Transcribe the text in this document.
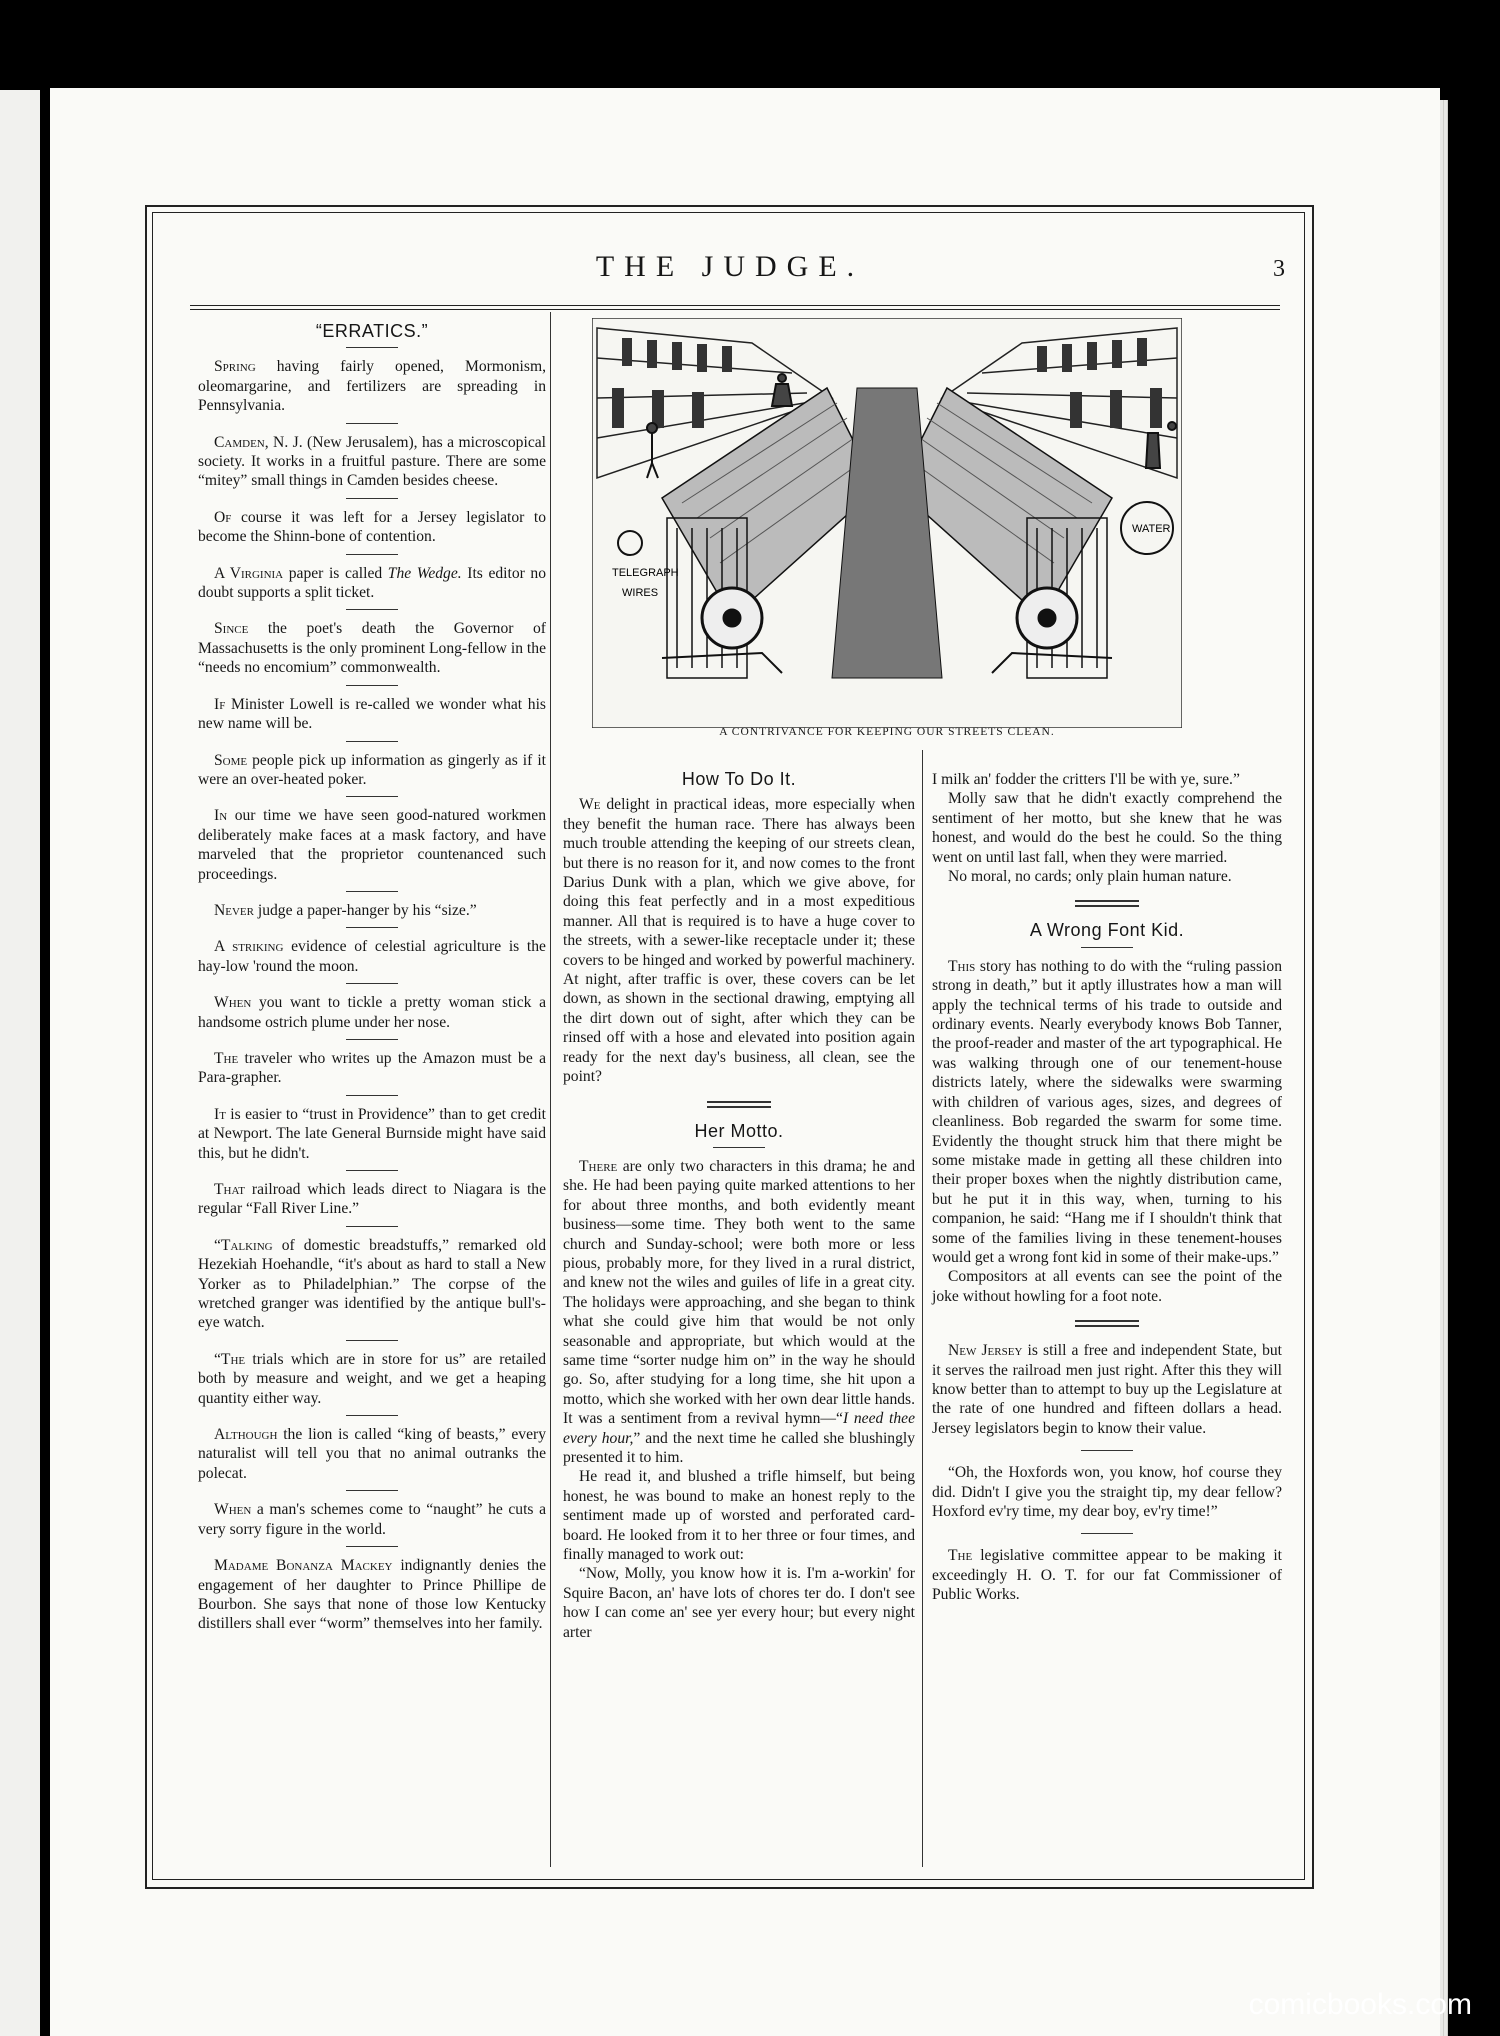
THE JUDGE.	3
“ERRATICS.”

Spring having fairly opened, Mormonism, oleomargarine, and fertilizers are spreading in Pennsylvania.

Camden, N. J. (New Jerusalem), has a microscopical society. It works in a fruitful pasture. There are some “mitey” small things in Camden besides cheese.

Of course it was left for a Jersey legislator to become the Shinn-bone of contention.

A Virginia paper is called The Wedge. Its editor no doubt supports a split ticket.

Since the poet's death the Governor of Massachusetts is the only prominent Long-fellow in the “needs no encomium” commonwealth.

If Minister Lowell is re-called we wonder what his new name will be.

Some people pick up information as gingerly as if it were an over-heated poker.

In our time we have seen good-natured workmen deliberately make faces at a mask factory, and have marveled that the proprietor countenanced such proceedings.

Never judge a paper-hanger by his “size.”

A striking evidence of celestial agriculture is the hay-low 'round the moon.

When you want to tickle a pretty woman stick a handsome ostrich plume under her nose.

The traveler who writes up the Amazon must be a Para-grapher.

It is easier to “trust in Providence” than to get credit at Newport. The late General Burnside might have said this, but he didn't.

That railroad which leads direct to Niagara is the regular “Fall River Line.”

“Talking of domestic breadstuffs,” remarked old Hezekiah Hoehandle, “it's about as hard to stall a New Yorker as to Philadelphian.” The corpse of the wretched granger was identified by the antique bull's-eye watch.

“The trials which are in store for us” are retailed both by measure and weight, and we get a heaping quantity either way.

Although the lion is called “king of beasts,” every naturalist will tell you that no animal outranks the polecat.

When a man's schemes come to “naught” he cuts a very sorry figure in the world.

Madame Bonanza Mackey indignantly denies the engagement of her daughter to Prince Phillipe de Bourbon. She says that none of those low Kentucky distillers shall ever “worm” themselves into her family.

TELEGRAPH
WIRES
WATER
A CONTRIVANCE FOR KEEPING OUR STREETS CLEAN.
How To Do It.

We delight in practical ideas, more especially when they benefit the human race. There has always been much trouble attending the keeping of our streets clean, but there is no reason for it, and now comes to the front Darius Dunk with a plan, which we give above, for doing this feat perfectly and in a most expeditious manner. All that is required is to have a huge cover to the streets, with a sewer-like receptacle under it; these covers to be hinged and worked by powerful machinery. At night, after traffic is over, these covers can be let down, as shown in the sectional drawing, emptying all the dirt down out of sight, after which they can be rinsed off with a hose and elevated into position again ready for the next day's business, all clean, see the point?

Her Motto.

There are only two characters in this drama; he and she. He had been paying quite marked attentions to her for about three months, and both evidently meant business—some time. They both went to the same church and Sunday-school; were both more or less pious, probably more, for they lived in a rural district, and knew not the wiles and guiles of life in a great city. The holidays were approaching, and she began to think what she could give him that would be not only seasonable and appropriate, but which would at the same time “sorter nudge him on” in the way he should go. So, after studying for a long time, she hit upon a motto, which she worked with her own dear little hands. It was a sentiment from a revival hymn—“I need thee every hour,” and the next time he called she blushingly presented it to him.

He read it, and blushed a trifle himself, but being honest, he was bound to make an honest reply to the sentiment made up of worsted and perforated card-board. He looked from it to her three or four times, and finally managed to work out:

“Now, Molly, you know how it is. I'm a-workin' for Squire Bacon, an' have lots of chores ter do. I don't see how I can come an' see yer every hour; but every night arter

I milk an' fodder the critters I'll be with ye, sure.”

Molly saw that he didn't exactly comprehend the sentiment of her motto, but she knew that he was honest, and would do the best he could. So the thing went on until last fall, when they were married.

No moral, no cards; only plain human nature.

A Wrong Font Kid.

This story has nothing to do with the “ruling passion strong in death,” but it aptly illustrates how a man will apply the technical terms of his trade to outside and ordinary events. Nearly everybody knows Bob Tanner, the proof-reader and master of the art typographical. He was walking through one of our tenement-house districts lately, where the sidewalks were swarming with children of various ages, sizes, and degrees of cleanliness. Bob regarded the swarm for some time. Evidently the thought struck him that there might be some mistake made in getting all these children into their proper boxes when the nightly distribution came, but he put it in this way, when, turning to his companion, he said: “Hang me if I shouldn't think that some of the families living in these tenement-houses would get a wrong font kid in some of their make-ups.”

Compositors at all events can see the point of the joke without howling for a foot note.

New Jersey is still a free and independent State, but it serves the railroad men just right. After this they will know better than to attempt to buy up the Legislature at the rate of one hundred and fifteen dollars a head. Jersey legislators begin to know their value.

“Oh, the Hoxfords won, you know, hof course they did. Didn't I give you the straight tip, my dear fellow? Hoxford ev'ry time, my dear boy, ev'ry time!”

The legislative committee appear to be making it exceedingly H. O. T. for our fat Commissioner of Public Works.

comicbooks.com
